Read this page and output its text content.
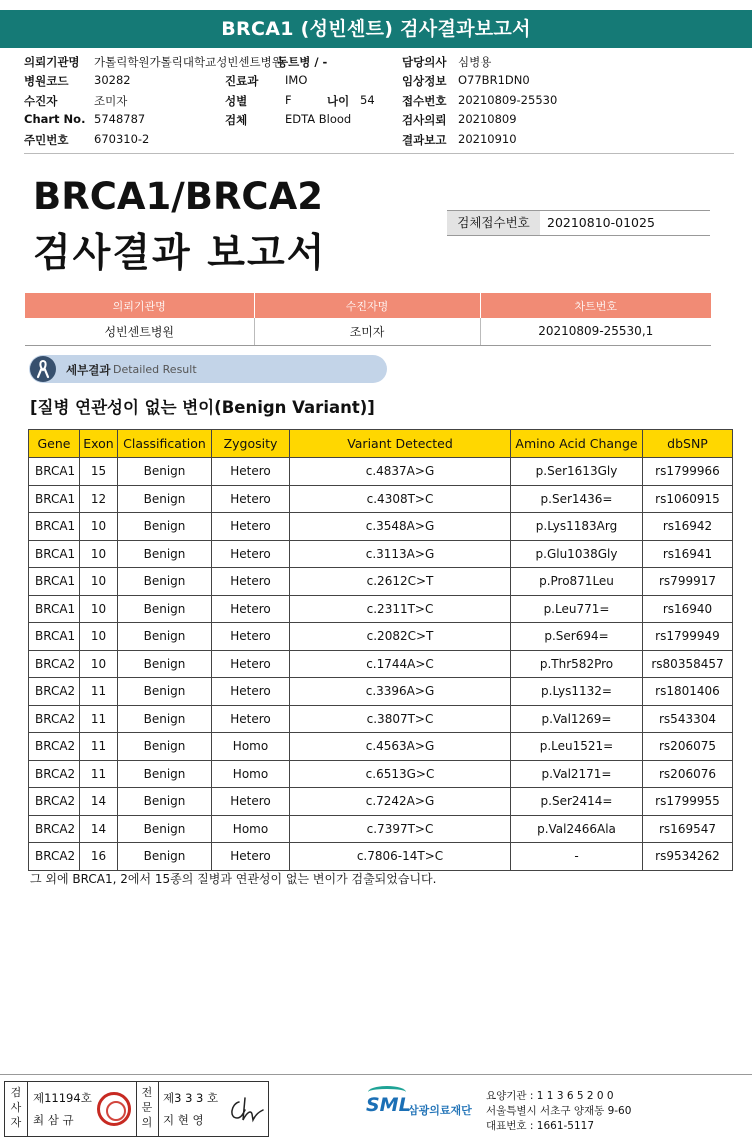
BRCA1 (성빈센트) 검사결과보고서
의뢰기관명 가톨릭학원가톨릭대학교성빈센트병원
동트병 / -	담당의사 심병용
병원코드 30282	진료과 IMO	임상정보 O77BR1DN0
수진자	조미자	성별	F	나이 54 접수번호 20210809-25530
Chart No. 5748787	검체	EDTA Blood	검사의뢰 20210809
주민번호 670310-2	결과보고 20210910
BRCA1/BRCA2
검사결과 보고서
검체접수번호	20210810-01025
의뢰기관명	수진자명	차트번호
성빈센트병원	조미자	20210809-25530,1
세부결과 Detailed Result
[질병 연관성이 없는 변이(Benign Variant)]
Gene	Exon	Classification	Zygosity	Variant Detected	Amino Acid Change	dbSNP
BRCA1	15	Benign	Hetero	c.4837A>G	p.Ser1613Gly	rs1799966
BRCA1	12	Benign	Hetero	c.4308T>C	p.Ser1436=	rs1060915
BRCA1	10	Benign	Hetero	c.3548A>G	p.Lys1183Arg	rs16942
BRCA1	10	Benign	Hetero	c.3113A>G	p.Glu1038Gly	rs16941
BRCA1	10	Benign	Hetero	c.2612C>T	p.Pro871Leu	rs799917
BRCA1	10	Benign	Hetero	c.2311T>C	p.Leu771=	rs16940
BRCA1	10	Benign	Hetero	c.2082C>T	p.Ser694=	rs1799949
BRCA2	10	Benign	Hetero	c.1744A>C	p.Thr582Pro	rs80358457
BRCA2	11	Benign	Hetero	c.3396A>G	p.Lys1132=	rs1801406
BRCA2	11	Benign	Hetero	c.3807T>C	p.Val1269=	rs543304
BRCA2	11	Benign	Homo	c.4563A>G	p.Leu1521=	rs206075
BRCA2	11	Benign	Homo	c.6513G>C	p.Val2171=	rs206076
BRCA2	14	Benign	Hetero	c.7242A>G	p.Ser2414=	rs1799955
BRCA2	14	Benign	Homo	c.7397T>C	p.Val2466Ala	rs169547
BRCA2	16	Benign	Hetero	c.7806-14T>C	-	rs9534262
그 외에 BRCA1, 2에서 15종의 질병과 연관성이 없는 변이가 검출되었습니다.
검사자
제11194호
최 삼 규
전문의
제3 3 3 호
지 현 영
SML
삼광의료재단
요양기관 : 1 1 3 6 5 2 0 0
서울특별시 서초구 양재동 9-60
대표번호 : 1661-5117
